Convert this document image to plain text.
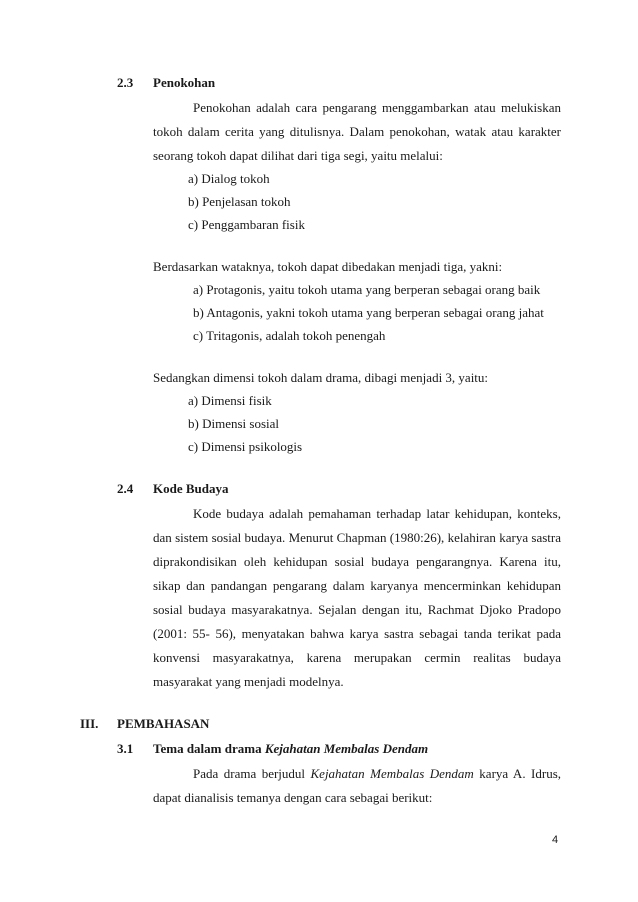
2.3 Penokohan
Penokohan adalah cara pengarang menggambarkan atau melukiskan
tokoh dalam cerita yang ditulisnya. Dalam penokohan, watak atau karakter
seorang tokoh dapat dilihat dari tiga segi, yaitu melalui:
a) Dialog tokoh
b) Penjelasan tokoh
c) Penggambaran fisik
Berdasarkan wataknya, tokoh dapat dibedakan menjadi tiga, yakni:
a) Protagonis, yaitu tokoh utama yang berperan sebagai orang baik
b) Antagonis, yakni tokoh utama yang berperan sebagai orang jahat
c) Tritagonis, adalah tokoh penengah
Sedangkan dimensi tokoh dalam drama, dibagi menjadi 3, yaitu:
a) Dimensi fisik
b) Dimensi sosial
c) Dimensi psikologis
2.4 Kode Budaya
Kode budaya adalah pemahaman terhadap latar kehidupan, konteks,
dan sistem sosial budaya. Menurut Chapman (1980:26), kelahiran karya sastra
diprakondisikan oleh kehidupan sosial budaya pengarangnya. Karena itu,
sikap dan pandangan pengarang dalam karyanya mencerminkan kehidupan
sosial budaya masyarakatnya. Sejalan dengan itu, Rachmat Djoko Pradopo
(2001: 55- 56), menyatakan bahwa karya sastra sebagai tanda terikat pada
konvensi masyarakatnya, karena merupakan cermin realitas budaya
masyarakat yang menjadi modelnya.
III. PEMBAHASAN
3.1 Tema dalam drama Kejahatan Membalas Dendam
Pada drama berjudul Kejahatan Membalas Dendam karya A. Idrus,
dapat dianalisis temanya dengan cara sebagai berikut:
4
